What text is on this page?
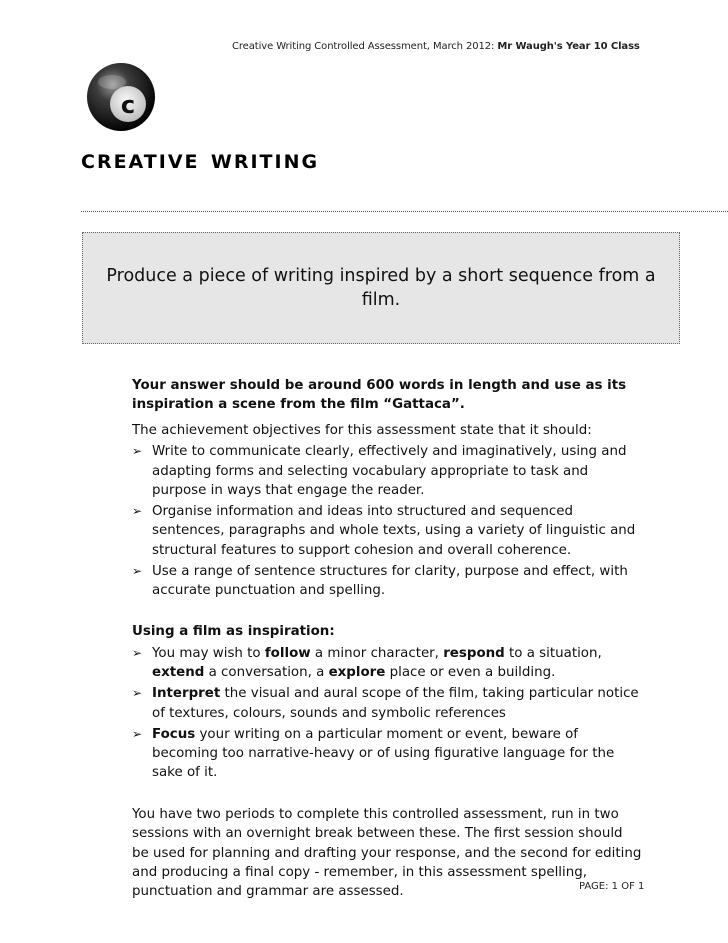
Creative Writing Controlled Assessment, March 2012: Mr Waugh's Year 10 Class
c
creative writing
Produce a piece of writing inspired by a short sequence from a film.

Your answer should be around 600 words in length and use as its inspiration a scene from the film “Gattaca”.

The achievement objectives for this assessment state that it should:

➢ Write to communicate clearly, effectively and imaginatively, using and adapting forms and selecting vocabulary appropriate to task and purpose in ways that engage the reader.
➢ Organise information and ideas into structured and sequenced sentences, paragraphs and whole texts, using a variety of linguistic and structural features to support cohesion and overall coherence.
➢ Use a range of sentence structures for clarity, purpose and effect, with accurate punctuation and spelling.

Using a film as inspiration:

➢ You may wish to follow a minor character, respond to a situation, extend a conversation, a explore place or even a building.
➢ Interpret the visual and aural scope of the film, taking particular notice of textures, colours, sounds and symbolic references
➢ Focus your writing on a particular moment or event, beware of becoming too narrative-heavy or of using figurative language for the sake of it.

You have two periods to complete this controlled assessment, run in two sessions with an overnight break between these. The first session should be used for planning and drafting your response, and the second for editing and producing a final copy - remember, in this assessment spelling, punctuation and grammar are assessed.	PAGE: 1 OF 1
